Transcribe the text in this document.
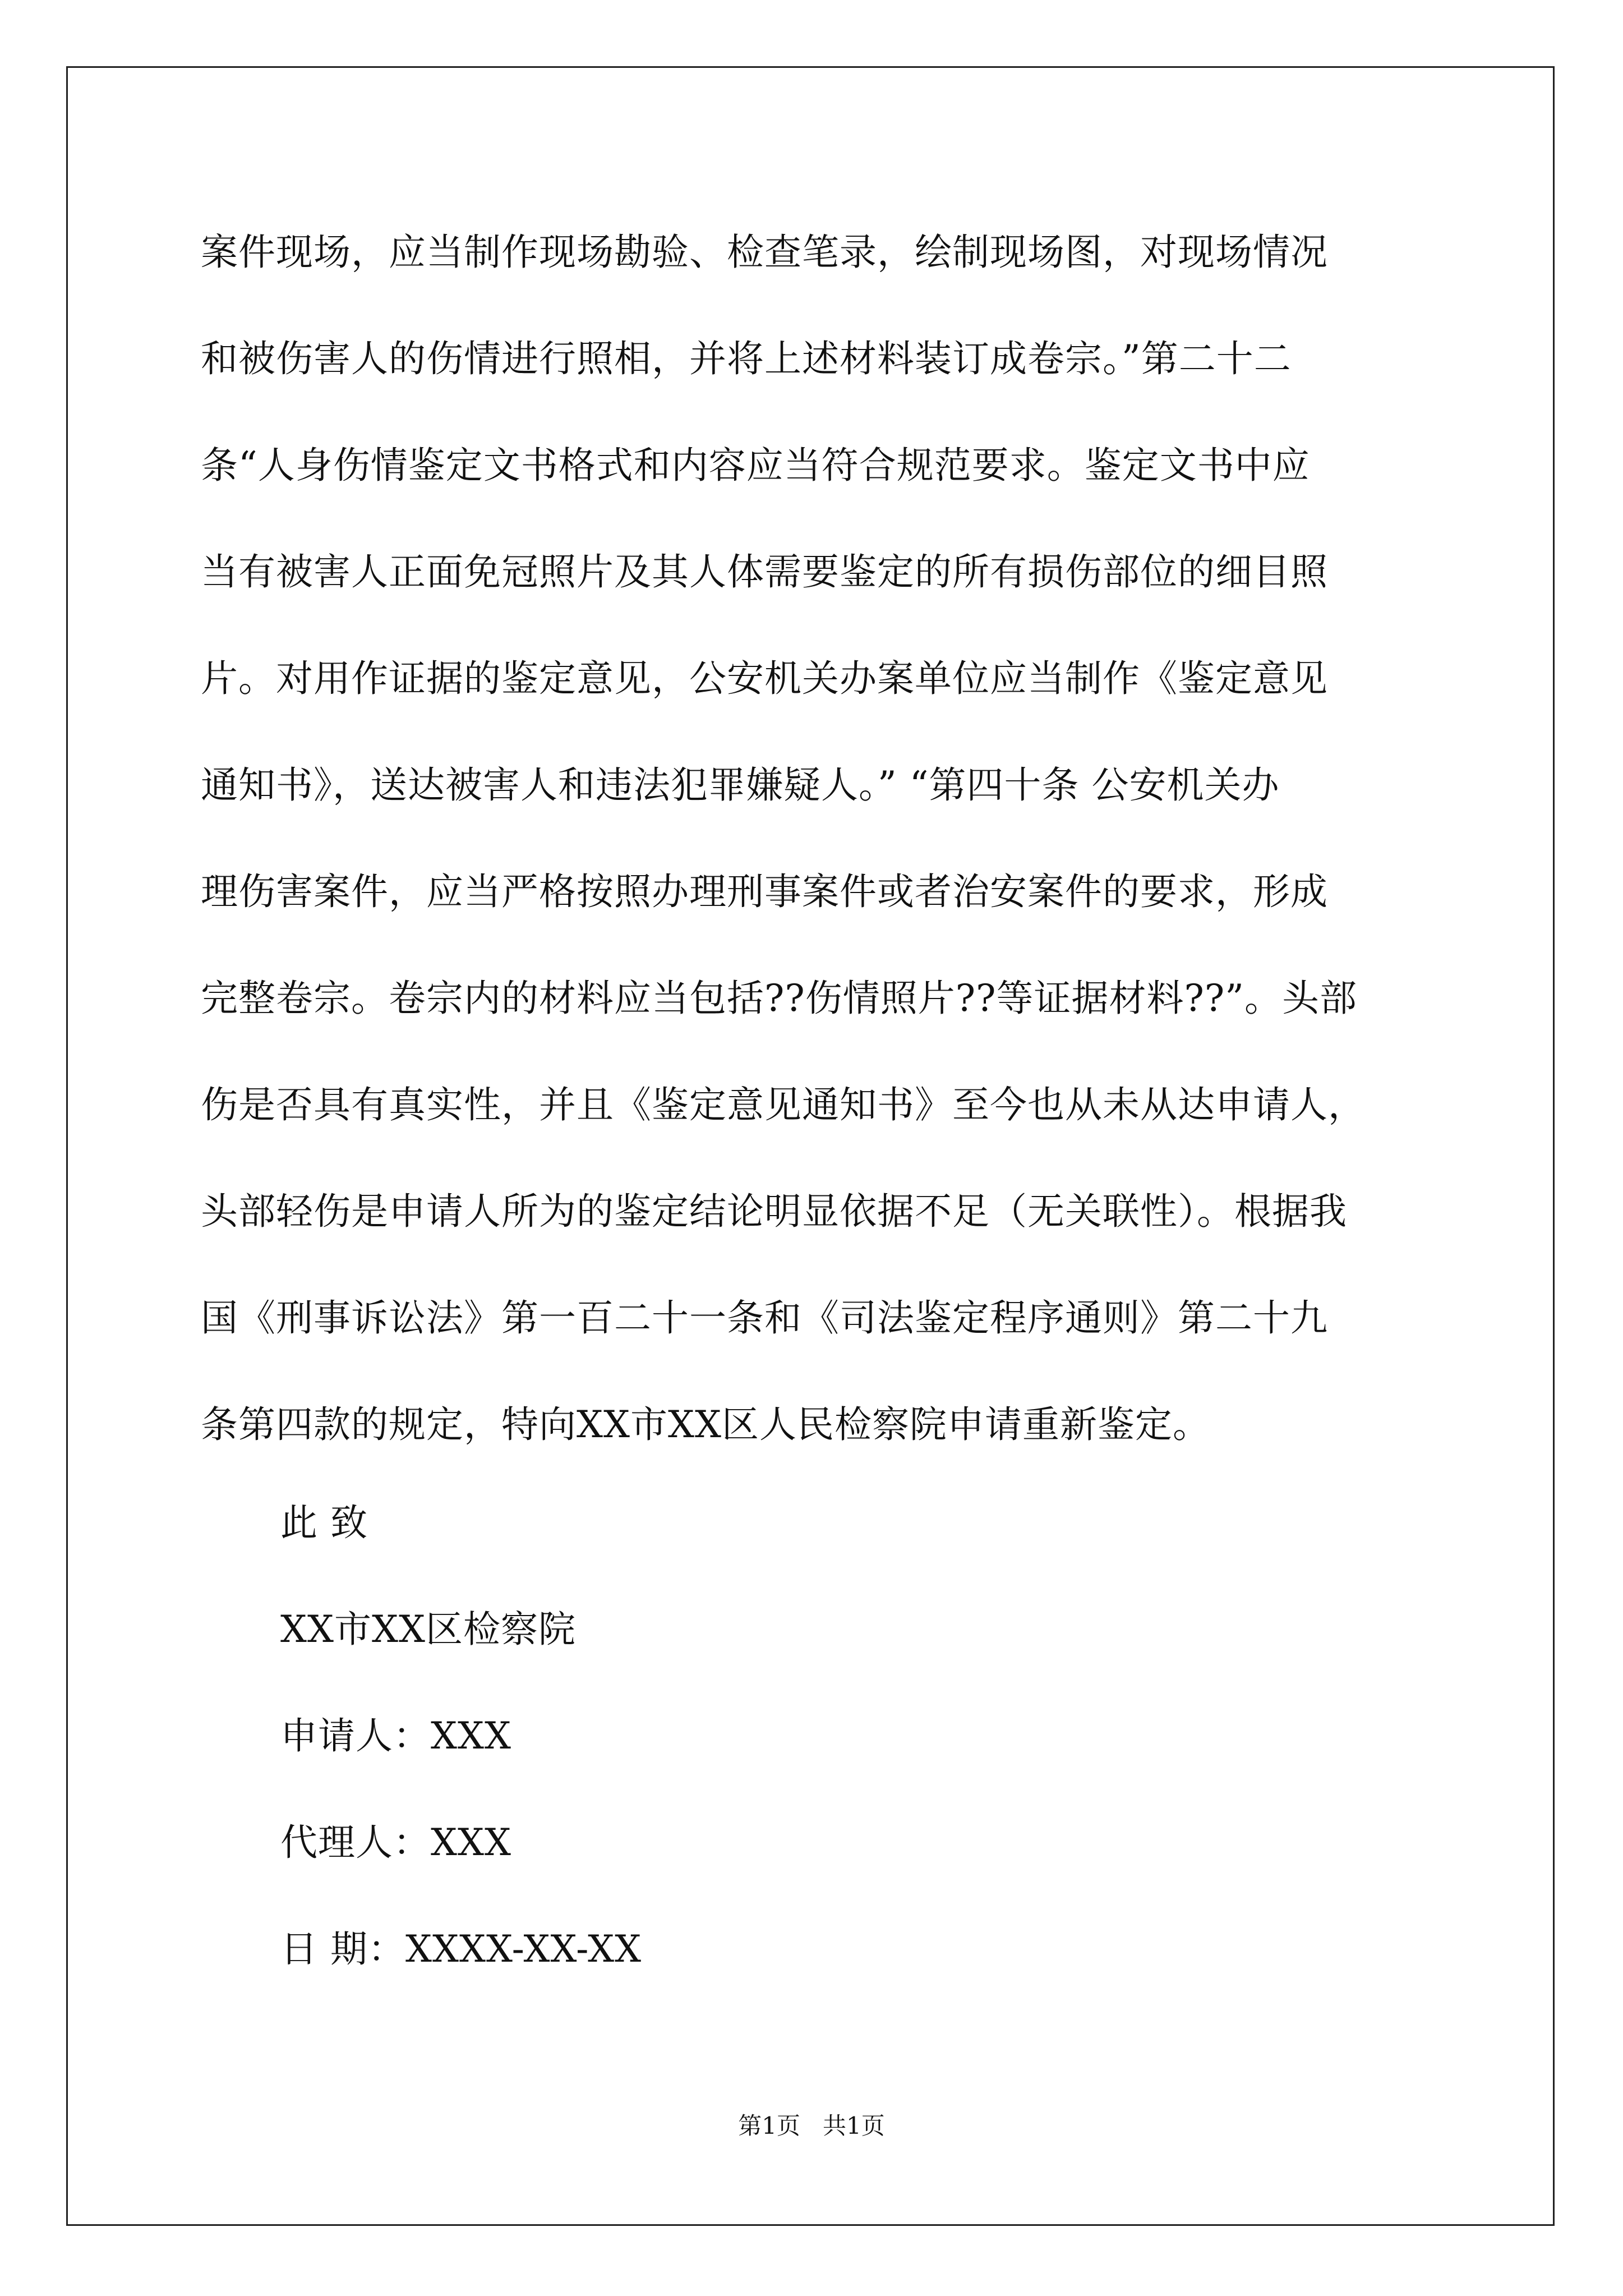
案件现场，应当制作现场勘验、检查笔录，绘制现场图，对现场情况
和被伤害人的伤情进行照相，并将上述材料装订成卷宗。”第二十二
条“人身伤情鉴定文书格式和内容应当符合规范要求。鉴定文书中应
当有被害人正面免冠照片及其人体需要鉴定的所有损伤部位的细目照
片。对用作证据的鉴定意见，公安机关办案单位应当制作《鉴定意见
通知书》，送达被害人和违法犯罪嫌疑人。” “第四十条 公安机关办
理伤害案件，应当严格按照办理刑事案件或者治安案件的要求，形成
完整卷宗。卷宗内的材料应当包括??伤情照片??等证据材料??”。头部
伤是否具有真实性，并且《鉴定意见通知书》至今也从未从达申请人，
头部轻伤是申请人所为的鉴定结论明显依据不足（无关联性）。根据我
国《刑事诉讼法》第一百二十一条和《司法鉴定程序通则》第二十九
条第四款的规定，特向XX市XX区人民检察院申请重新鉴定。
此 致
XX市XX区检察院
申请人：XXX
代理人：XXX
日 期：XXXX-XX-XX
第1页   共1页
